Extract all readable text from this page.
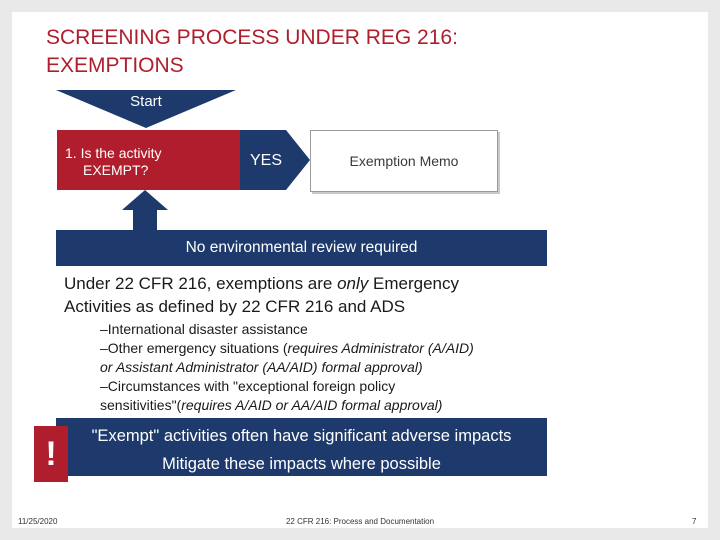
SCREENING PROCESS UNDER REG 216:
EXEMPTIONS
Start
1. Is the activity
EXEMPT?
YES	Exemption Memo
No environmental review required
Under 22 CFR 216, exemptions are only Emergency
Activities as defined by 22 CFR 216 and ADS
–International disaster assistance
–Other emergency situations (requires Administrator (A/AID)
or Assistant Administrator (AA/AID) formal approval)
–Circumstances with "exceptional foreign policy
sensitivities"(requires A/AID or AA/AID formal approval)
!	"Exempt" activities often have significant adverse impacts
Mitigate these impacts where possible
11/25/2020	22 CFR 216: Process and Documentation	7
